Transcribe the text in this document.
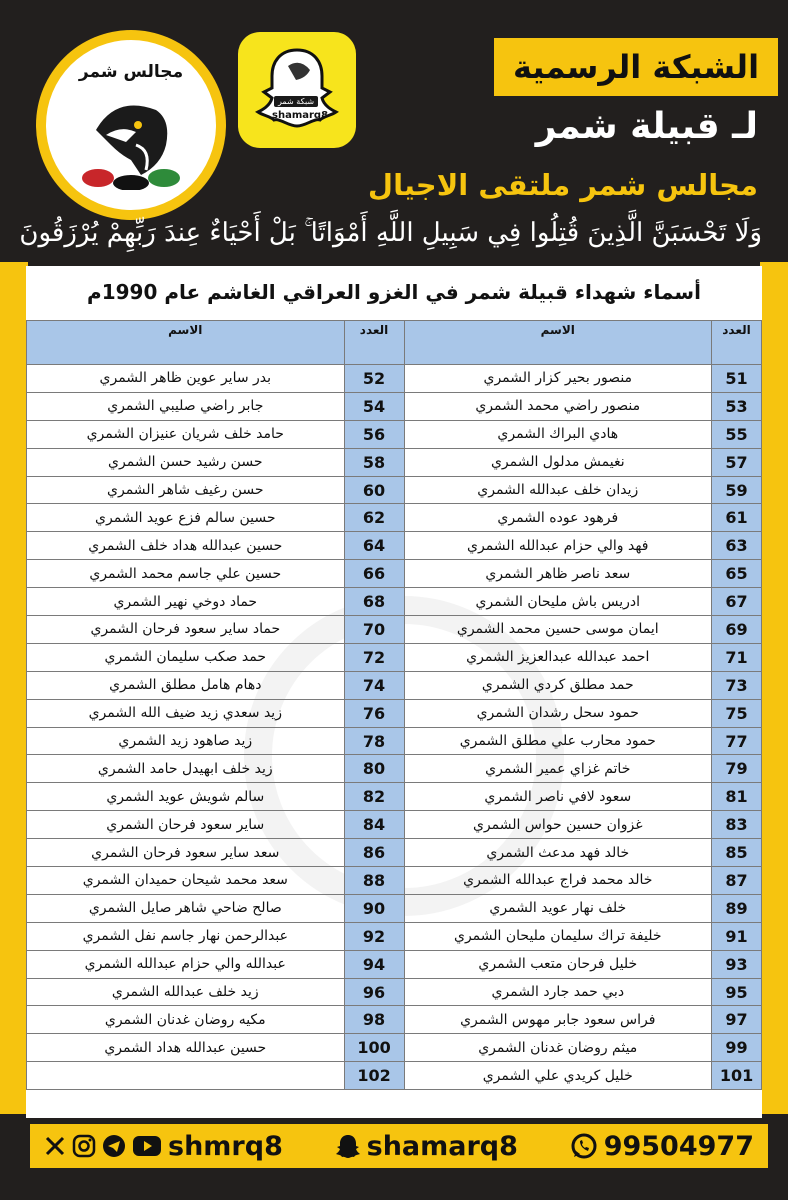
مجالس شمر
شبكة شمر
shamarq8
الشبكة الرسمية
لـ قبيلة شمر
مجالس شمر ملتقى الاجيال
وَلَا تَحْسَبَنَّ الَّذِينَ قُتِلُوا فِي سَبِيلِ اللَّهِ أَمْوَاتًا ۚ بَلْ أَحْيَاءٌ عِندَ رَبِّهِمْ يُرْزَقُونَ
أسماء شهداء قبيلة شمر في الغزو العراقي الغاشم عام 1990م
العدد	الاسم	العدد	الاسم
51	منصور بحير كزار الشمري	52	بدر ساير عوين ظاهر الشمري
53	منصور راضي محمد الشمري	54	جابر راضي صليبي الشمري
55	هادي البراك الشمري	56	حامد خلف شريان عنيزان الشمري
57	نغيمش مدلول الشمري	58	حسن رشيد حسن الشمري
59	زيدان خلف عبدالله الشمري	60	حسن رغيف شاهر الشمري
61	فرهود عوده الشمري	62	حسين سالم فزع عويد الشمري
63	فهد والي حزام عبدالله الشمري	64	حسين عبدالله هداد خلف الشمري
65	سعد ناصر ظاهر الشمري	66	حسين علي جاسم محمد الشمري
67	ادريس باش مليحان الشمري	68	حماد دوخي نهير الشمري
69	ايمان موسى حسين محمد الشمري	70	حماد ساير سعود فرحان الشمري
71	احمد عبدالله عبدالعزيز الشمري	72	حمد صكب سليمان الشمري
73	حمد مطلق كردي الشمري	74	دهام هامل مطلق الشمري
75	حمود سحل رشدان الشمري	76	زيد سعدي زيد ضيف الله الشمري
77	حمود محارب علي مطلق الشمري	78	زيد صاهود زيد الشمري
79	خاتم غزاي عمير الشمري	80	زيد خلف ابهيدل حامد الشمري
81	سعود لافي ناصر الشمري	82	سالم شويش عويد الشمري
83	غزوان حسين حواس الشمري	84	ساير سعود فرحان الشمري
85	خالد فهد مدعث الشمري	86	سعد ساير سعود فرحان الشمري
87	خالد محمد فراج عبدالله الشمري	88	سعد محمد شيحان حميدان الشمري
89	خلف نهار عويد الشمري	90	صالح ضاحي شاهر صايل الشمري
91	خليفة تراك سليمان مليحان الشمري	92	عبدالرحمن نهار جاسم نفل الشمري
93	خليل فرحان متعب الشمري	94	عبدالله والي حزام عبدالله الشمري
95	دبي حمد جارد الشمري	96	زيد خلف عبدالله الشمري
97	فراس سعود جابر مهوس الشمري	98	مكيه روضان غدنان الشمري
99	ميثم روضان غدنان الشمري	100	حسين عبدالله هداد الشمري
101	خليل كريدي علي الشمري	102	
shmrq8	shamarq8	99504977
